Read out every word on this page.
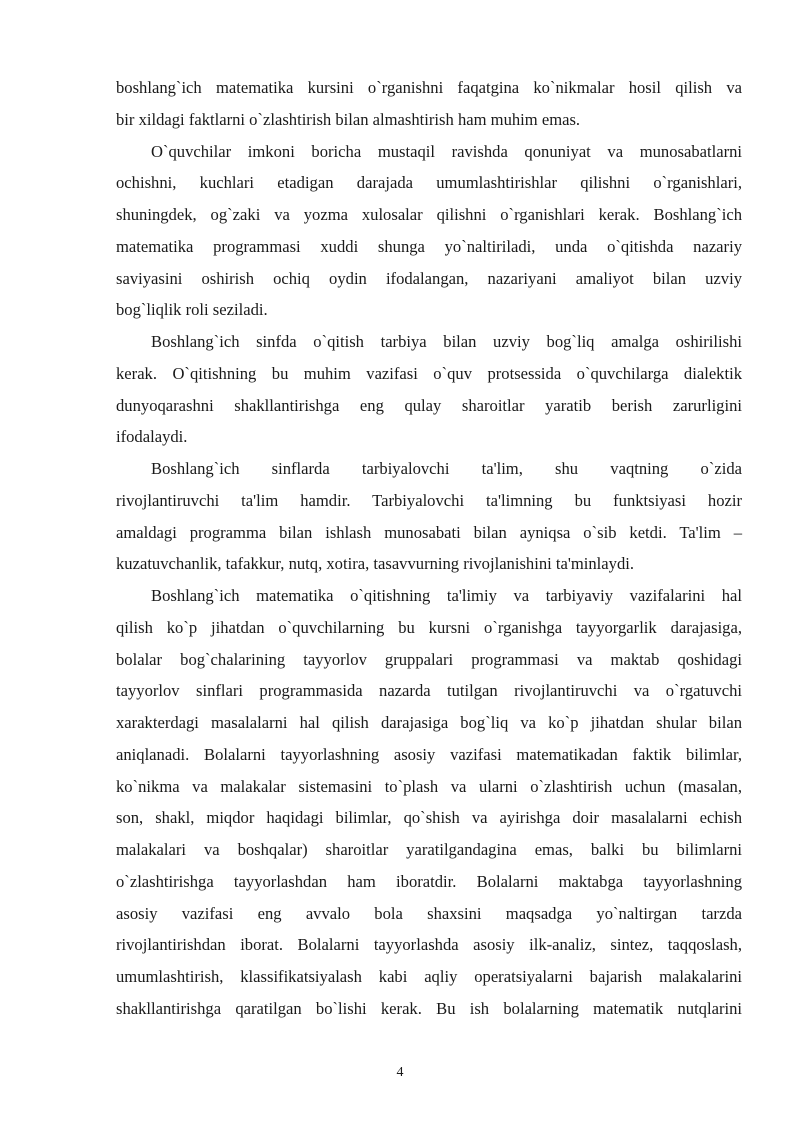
boshlang`ich matematika kursini o`rganishni faqatgina ko`nikmalar hosil qilish va
bir xildagi faktlarni o`zlashtirish bilan almashtirish ham muhim emas.
O`quvchilar imkoni boricha mustaqil ravishda qonuniyat va munosabatlarni
ochishni, kuchlari etadigan darajada umumlashtirishlar qilishni o`rganishlari,
shuningdek, og`zaki va yozma xulosalar qilishni o`rganishlari kerak. Boshlang`ich
matematika programmasi xuddi shunga yo`naltiriladi, unda o`qitishda nazariy
saviyasini oshirish ochiq oydin ifodalangan, nazariyani amaliyot bilan uzviy
bog`liqlik roli seziladi.
Boshlang`ich sinfda o`qitish tarbiya bilan uzviy bog`liq amalga oshirilishi
kerak. O`qitishning bu muhim vazifasi o`quv protsessida o`quvchilarga dialektik
dunyoqarashni shakllantirishga eng qulay sharoitlar yaratib berish zarurligini
ifodalaydi.
Boshlang`ich sinflarda tarbiyalovchi ta'lim, shu vaqtning o`zida
rivojlantiruvchi ta'lim hamdir. Tarbiyalovchi ta'limning bu funktsiyasi hozir
amaldagi programma bilan ishlash munosabati bilan ayniqsa o`sib ketdi. Ta'lim –
kuzatuvchanlik, tafakkur, nutq, xotira, tasavvurning rivojlanishini ta'minlaydi.
Boshlang`ich matematika o`qitishning ta'limiy va tarbiyaviy vazifalarini hal
qilish ko`p jihatdan o`quvchilarning bu kursni o`rganishga tayyorgarlik darajasiga,
bolalar bog`chalarining tayyorlov gruppalari programmasi va maktab qoshidagi
tayyorlov sinflari programmasida nazarda tutilgan rivojlantiruvchi va o`rgatuvchi
xarakterdagi masalalarni hal qilish darajasiga bog`liq va ko`p jihatdan shular bilan
aniqlanadi. Bolalarni tayyorlashning asosiy vazifasi matematikadan faktik bilimlar,
ko`nikma va malakalar sistemasini to`plash va ularni o`zlashtirish uchun (masalan,
son, shakl, miqdor haqidagi bilimlar, qo`shish va ayirishga doir masalalarni echish
malakalari va boshqalar) sharoitlar yaratilgandagina emas, balki bu bilimlarni
o`zlashtirishga tayyorlashdan ham iboratdir. Bolalarni maktabga tayyorlashning
asosiy vazifasi eng avvalo bola shaxsini maqsadga yo`naltirgan tarzda
rivojlantirishdan iborat. Bolalarni tayyorlashda asosiy ilk-analiz, sintez, taqqoslash,
umumlashtirish, klassifikatsiyalash kabi aqliy operatsiyalarni bajarish malakalarini
shakllantirishga qaratilgan bo`lishi kerak. Bu ish bolalarning matematik nutqlarini
4
